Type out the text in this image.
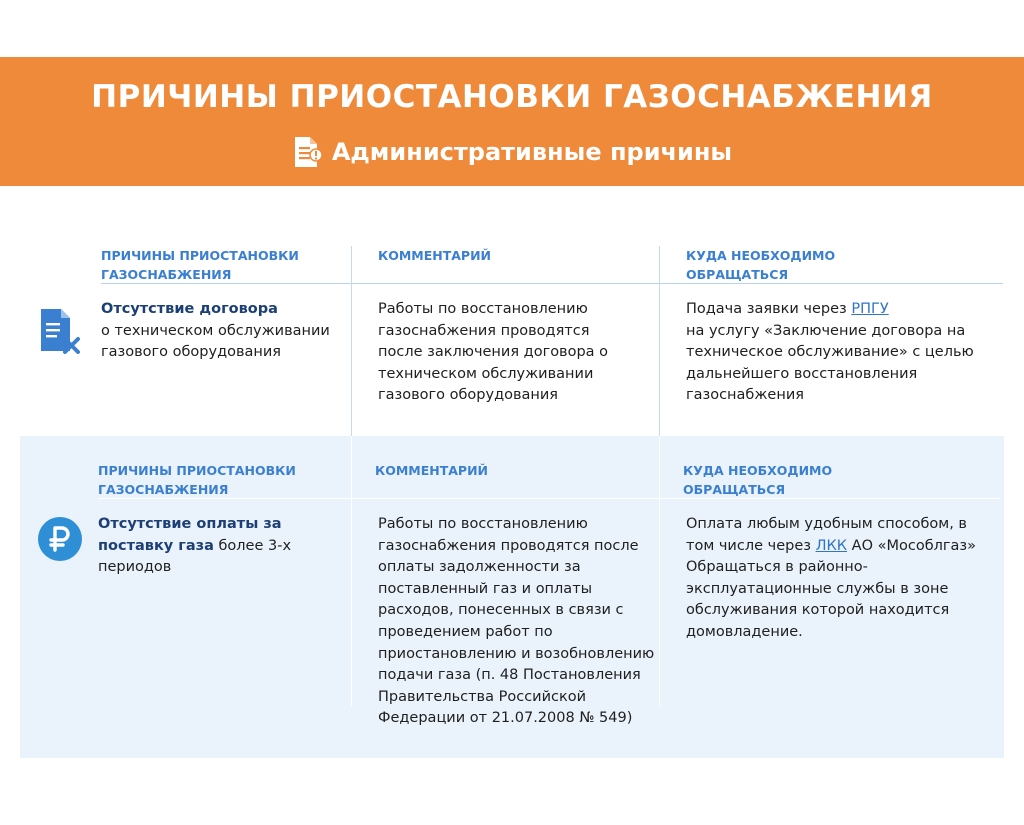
ПРИЧИНЫ ПРИОСТАНОВКИ ГАЗОСНАБЖЕНИЯ
Административные причины
ПРИЧИНЫ ПРИОСТАНОВКИ ГАЗОСНАБЖЕНИЯ
КОММЕНТАРИЙ	КУДА НЕОБХОДИМО ОБРАЩАТЬСЯ
Отсутствие договора
о техническом обслуживании газового оборудования
Работы по восстановлению газоснабжения проводятся после заключения договора о техническом обслуживании газового оборудования
Подача заявки через РПГУ
на услугу «Заключение договора на техническое обслуживание» с целью дальнейшего восстановления газоснабжения
ПРИЧИНЫ ПРИОСТАНОВКИ ГАЗОСНАБЖЕНИЯ
КОММЕНТАРИЙ	КУДА НЕОБХОДИМО ОБРАЩАТЬСЯ
Отсутствие оплаты за поставку газа более 3-х периодов
Работы по восстановлению газоснабжения проводятся после оплаты задолженности за поставленный газ и оплаты расходов, понесенных в связи с проведением работ по приостановлению и возобновлению подачи газа (п. 48 Постановления Правительства Российской Федерации от 21.07.2008 № 549)
Оплата любым удобным способом, в том числе через ЛКК АО «Мособлгаз» Обращаться в районно-эксплуатационные службы в зоне обслуживания которой находится домовладение.
